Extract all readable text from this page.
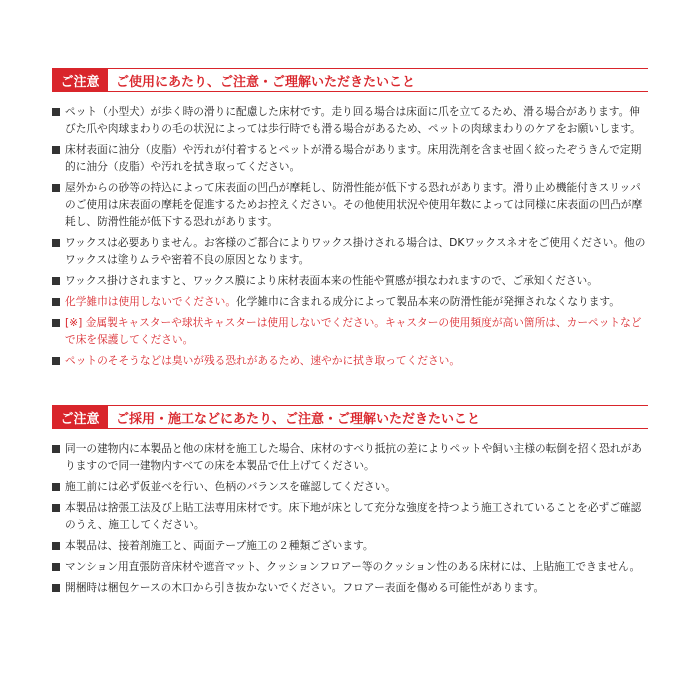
ご注意	ご使用にあたり、ご注意・ご理解いただきたいこと
ペット（小型犬）が歩く時の滑りに配慮した床材です。走り回る場合は床面に爪を立てるため、滑る場合があります。伸びた爪や肉球まわりの毛の状況によっては歩行時でも滑る場合があるため、ペットの肉球まわりのケアをお願いします。
床材表面に油分（皮脂）や汚れが付着するとペットが滑る場合があります。床用洗剤を含ませ固く絞ったぞうきんで定期的に油分（皮脂）や汚れを拭き取ってください。
屋外からの砂等の持込によって床表面の凹凸が摩耗し、防滑性能が低下する恐れがあります。滑り止め機能付きスリッパのご使用は床表面の摩耗を促進するためお控えください。その他使用状況や使用年数によっては同様に床表面の凹凸が摩耗し、防滑性能が低下する恐れがあります。
ワックスは必要ありません。お客様のご都合によりワックス掛けされる場合は、DKワックスネオをご使用ください。他のワックスは塗りムラや密着不良の原因となります。
ワックス掛けされますと、ワックス膜により床材表面本来の性能や質感が損なわれますので、ご承知ください。
化学雑巾は使用しないでください。化学雑巾に含まれる成分によって製品本来の防滑性能が発揮されなくなります。
[※] 金属製キャスターや球状キャスターは使用しないでください。キャスターの使用頻度が高い箇所は、カーペットなどで床を保護してください。
ペットのそそうなどは臭いが残る恐れがあるため、速やかに拭き取ってください。
ご注意	ご採用・施工などにあたり、ご注意・ご理解いただきたいこと
同一の建物内に本製品と他の床材を施工した場合、床材のすべり抵抗の差によりペットや飼い主様の転倒を招く恐れがありますので同一建物内すべての床を本製品で仕上げてください。
施工前には必ず仮並べを行い、色柄のバランスを確認してください。
本製品は捨張工法及び上貼工法専用床材です。床下地が床として充分な強度を持つよう施工されていることを必ずご確認のうえ、施工してください。
本製品は、接着剤施工と、両面テープ施工の２種類ございます。
マンション用直張防音床材や遮音マット、クッションフロアー等のクッション性のある床材には、上貼施工できません。
開梱時は梱包ケースの木口から引き抜かないでください。フロアー表面を傷める可能性があります。
